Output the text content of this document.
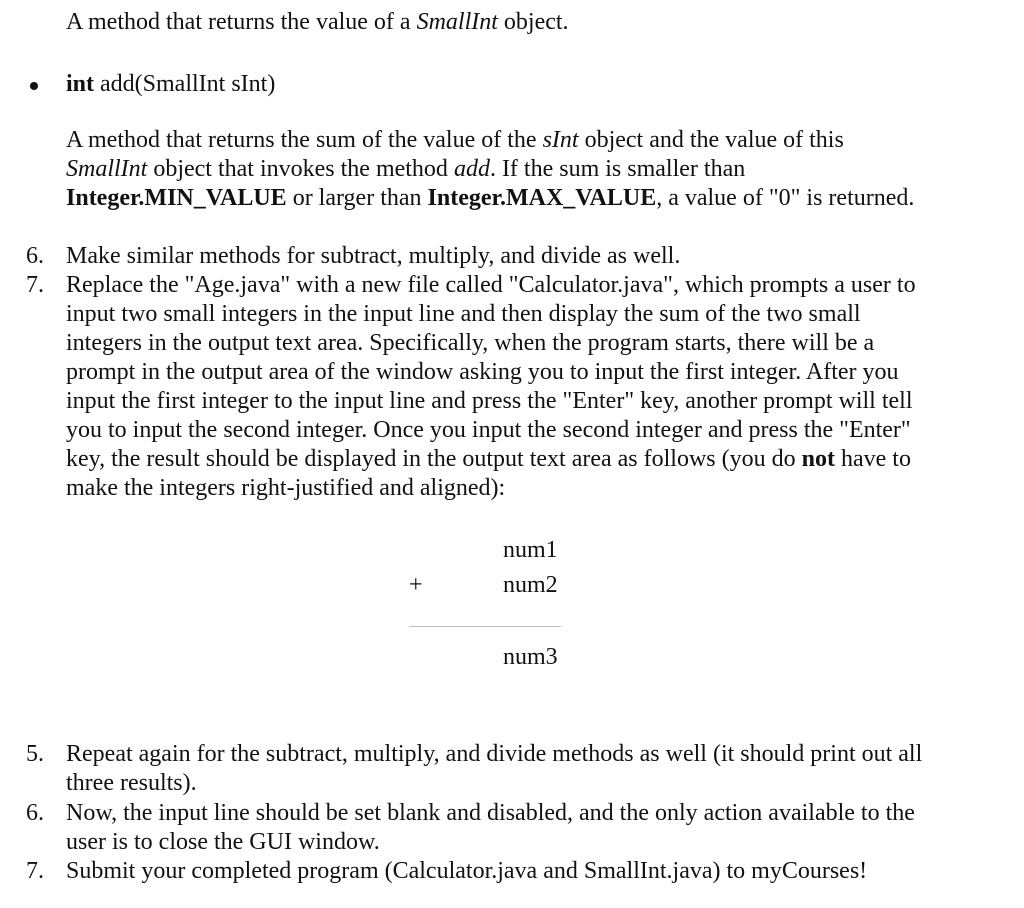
A method that returns the value of a SmallInt object.
int add(SmallInt sInt)
A method that returns the sum of the value of the sInt object and the value of this
SmallInt object that invokes the method add. If the sum is smaller than
Integer.MIN_VALUE or larger than Integer.MAX_VALUE, a value of "0" is returned.
6. Make similar methods for subtract, multiply, and divide as well.
7. Replace the "Age.java" with a new file called "Calculator.java", which prompts a user to
input two small integers in the input line and then display the sum of the two small
integers in the output text area. Specifically, when the program starts, there will be a
prompt in the output area of the window asking you to input the first integer. After you
input the first integer to the input line and press the "Enter" key, another prompt will tell
you to input the second integer. Once you input the second integer and press the "Enter"
key, the result should be displayed in the output text area as follows (you do not have to
make the integers right-justified and aligned):
num1
+	num2
num3
5. Repeat again for the subtract, multiply, and divide methods as well (it should print out all
three results).
6. Now, the input line should be set blank and disabled, and the only action available to the
user is to close the GUI window.
7. Submit your completed program (Calculator.java and SmallInt.java) to myCourses!
